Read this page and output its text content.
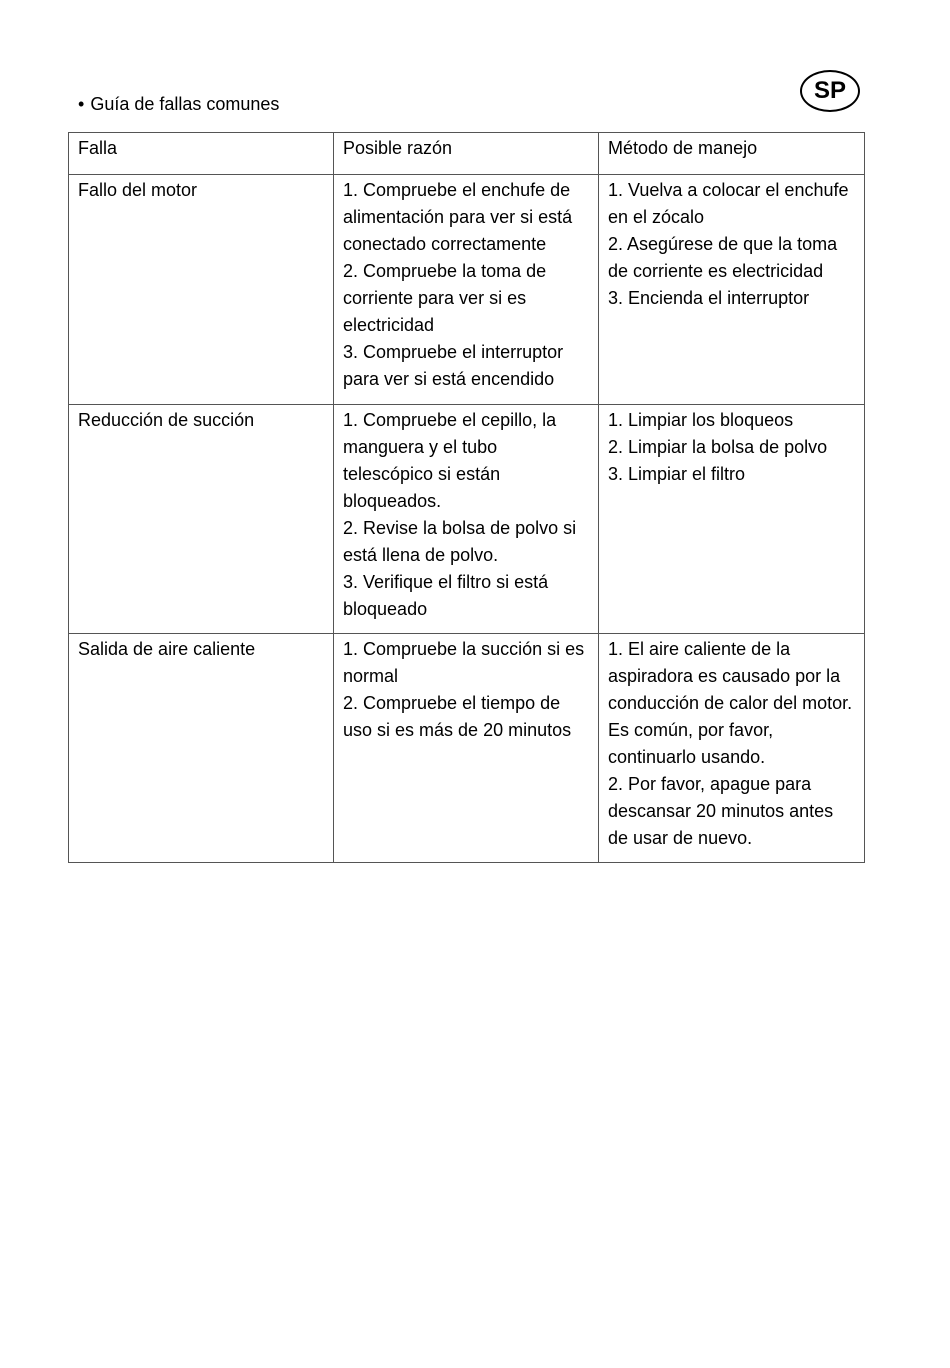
SP
• Guía de fallas comunes
Falla	Posible razón	Método de manejo
Fallo del motor	1. Compruebe el enchufe de alimentación para ver si está conectado correctamente
2. Compruebe la toma de corriente para ver si es electricidad
3. Compruebe el interruptor para ver si está encendido	1. Vuelva a colocar el enchufe en el zócalo
2. Asegúrese de que la toma de corriente es electricidad
3. Encienda el interruptor

Reducción de succión	1. Compruebe el cepillo, la manguera y el tubo telescópico si están bloqueados.
2. Revise la bolsa de polvo si está llena de polvo.
3. Verifique el filtro si está bloqueado	1. Limpiar los bloqueos
2. Limpiar la bolsa de polvo
3. Limpiar el filtro

Salida de aire caliente	1. Compruebe la succión si es normal
2. Compruebe el tiempo de uso si es más de 20 minutos	1. El aire caliente de la aspiradora es causado por la conducción de calor del motor. Es común, por favor, continuarlo usando.
2. Por favor, apague para descansar 20 minutos antes de usar de nuevo.
